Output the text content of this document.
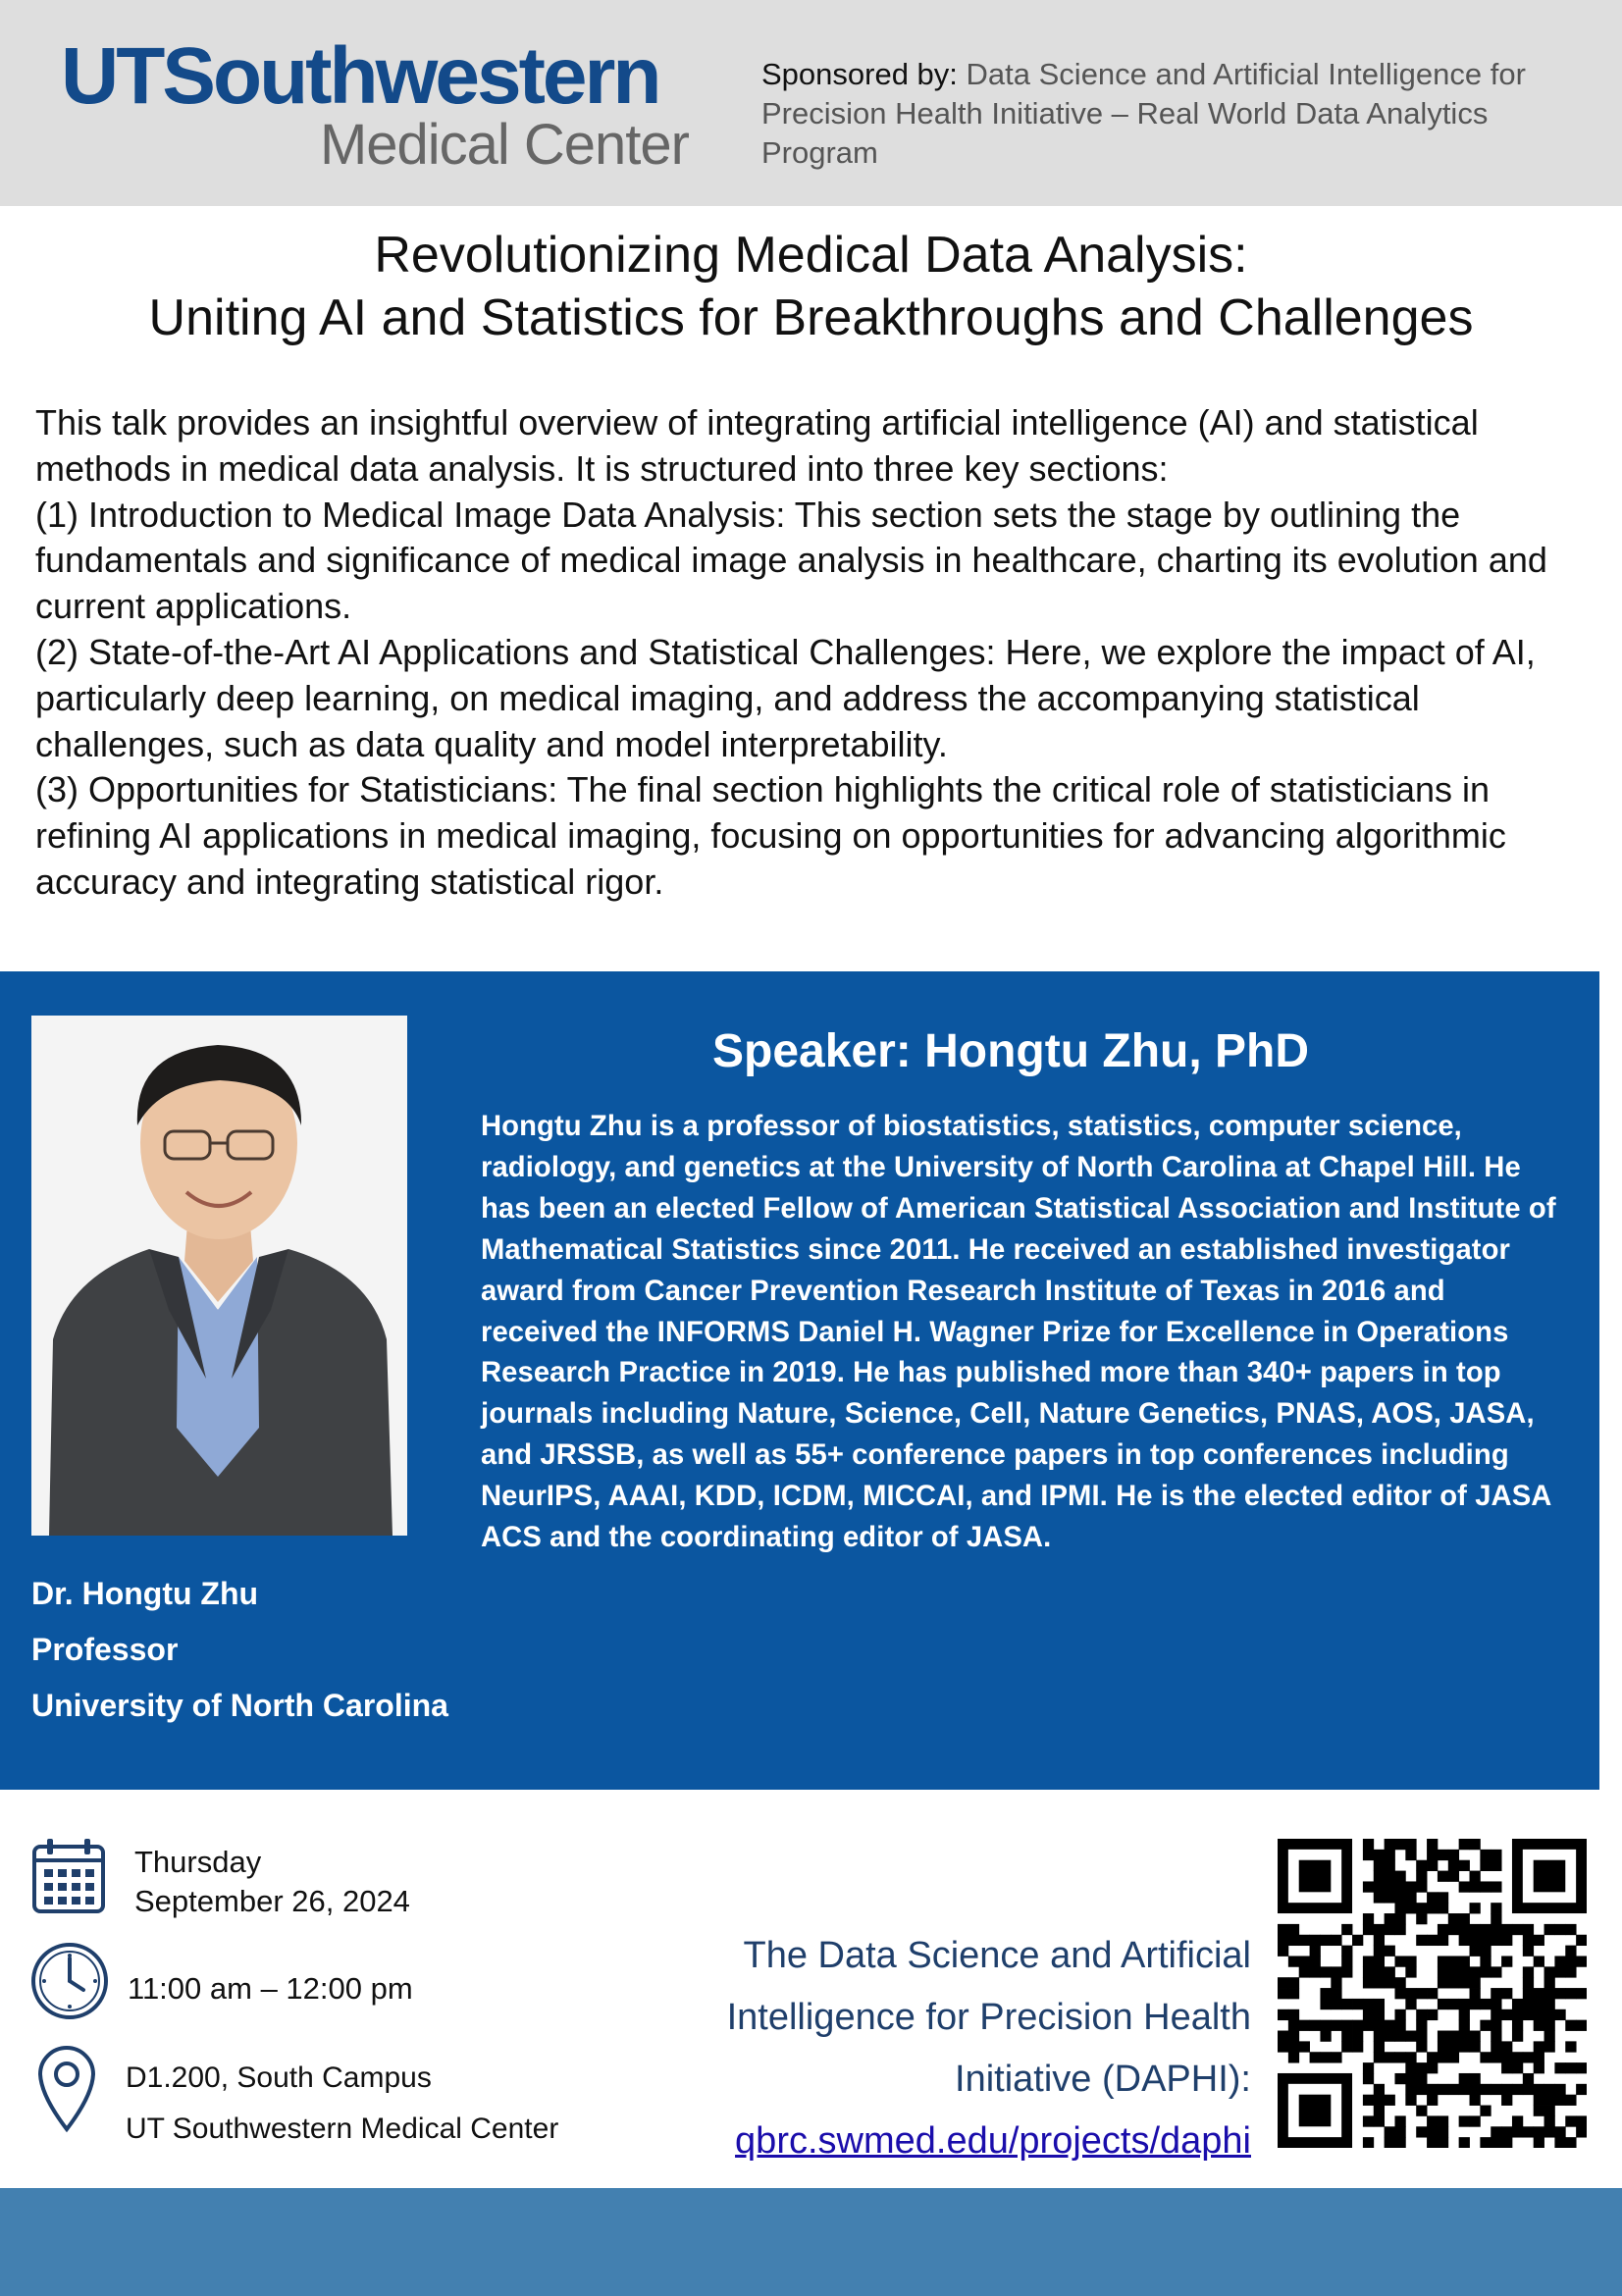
UTSouthwestern
Medical Center
Sponsored by: Data Science and Artificial Intelligence for Precision Health Initiative – Real World Data Analytics Program
Revolutionizing Medical Data Analysis:
Uniting AI and Statistics for Breakthroughs and Challenges

This talk provides an insightful overview of integrating artificial intelligence (AI) and statistical methods in medical data analysis. It is structured into three key sections:

(1) Introduction to Medical Image Data Analysis: This section sets the stage by outlining the fundamentals and significance of medical image analysis in healthcare, charting its evolution and current applications.

(2) State-of-the-Art AI Applications and Statistical Challenges: Here, we explore the impact of AI, particularly deep learning, on medical imaging, and address the accompanying statistical challenges, such as data quality and model interpretability.

(3) Opportunities for Statisticians: The final section highlights the critical role of statisticians in refining AI applications in medical imaging, focusing on opportunities for advancing algorithmic accuracy and integrating statistical rigor.

Dr. Hongtu Zhu
Professor
University of North Carolina
Speaker: Hongtu Zhu, PhD
Hongtu Zhu is a professor of biostatistics, statistics, computer science, radiology, and genetics at the University of North Carolina at Chapel Hill. He has been an elected Fellow of American Statistical Association and Institute of Mathematical Statistics since 2011. He received an established investigator award from Cancer Prevention Research Institute of Texas in 2016 and received the INFORMS Daniel H. Wagner Prize for Excellence in Operations Research Practice in 2019. He has published more than 340+ papers in top journals including Nature, Science, Cell, Nature Genetics, PNAS, AOS, JASA, and JRSSB, as well as 55+ conference papers in top conferences including NeurIPS, AAAI, KDD, ICDM, MICCAI, and IPMI. He is the elected editor of JASA ACS and the coordinating editor of JASA.
Thursday
September 26, 2024
11:00 am – 12:00 pm
D1.200, South Campus
UT Southwestern Medical Center
The Data Science and Artificial
Intelligence for Precision Health
Initiative (DAPHI):
qbrc.swmed.edu/projects/daphi
